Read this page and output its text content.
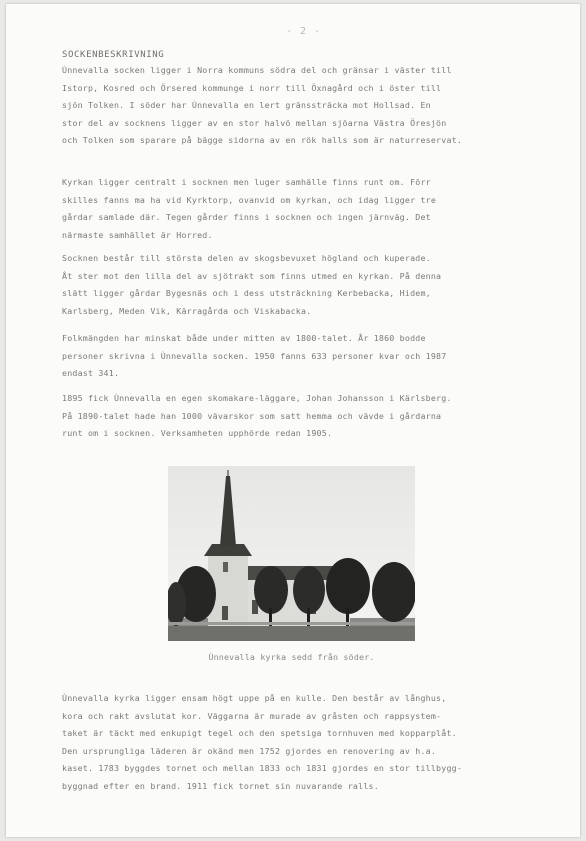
- 2 -
SOCKENBESKRIVNING
Ùnnevalla socken ligger i Norra kommuns södra del och gränsar i väster till
Istorp, Kosred och Örsered kommunge i norr till Öxnagård och i öster till
sjön Tolken. I söder har Ùnnevalla en lert gränssträcka mot Hollsad. En
stor del av socknens ligger av en stor halvö mellan sjöarna Västra Öresjön
och Tolken som sparare på bägge sidorna av en rök halls som är naturreservat.
Kyrkan ligger centralt i socknen men luger samhälle finns runt om. Förr
skilles fanns ma ha vid Kyrktorp, ovanvid om kyrkan, och idag ligger tre
gårdar samlade där. Tegen gårder finns i socknen och ingen järnväg. Det
närmaste samhället är Horred.
Socknen består till största delen av skogsbevuxet högland och kuperade.
Åt ster mot den lilla del av sjötrakt som finns utmed en kyrkan. På denna
slätt ligger gårdar Bygesnäs och i dess utsträckning Kerbebacka, Hidem,
Karlsberg, Meden Vik, Kärragårda och Viskabacka.
Folkmängden har minskat både under mitten av 1800-talet. År 1860 bodde
personer skrivna i Ùnnevalla socken. 1950 fanns 633 personer kvar och 1987
endast 341.
1895 fick Ùnnevalla en egen skomakare-läggare, Johan Johansson i Kärlsberg.
På 1890-talet hade han 1000 vävarskor som satt hemma och vävde i gårdarna
runt om i socknen. Verksamheten upphörde redan 1905.
Ùnnevalla kyrka sedd från söder.
Ùnnevalla kyrka ligger ensam högt uppe på en kulle. Den består av långhus,
kora och rakt avslutat kor. Väggarna är murade av gråsten och rappsystem-
taket är täckt med enkupigt tegel och den spetsiga tornhuven med kopparplåt.
Den ursprungliga läderen är okänd men 1752 gjordes en renovering av h.a.
kaset. 1783 byggdes tornet och mellan 1833 och 1831 gjordes en stor tillbygg-
byggnad efter en brand. 1911 fick tornet sin nuvarande ralls.
